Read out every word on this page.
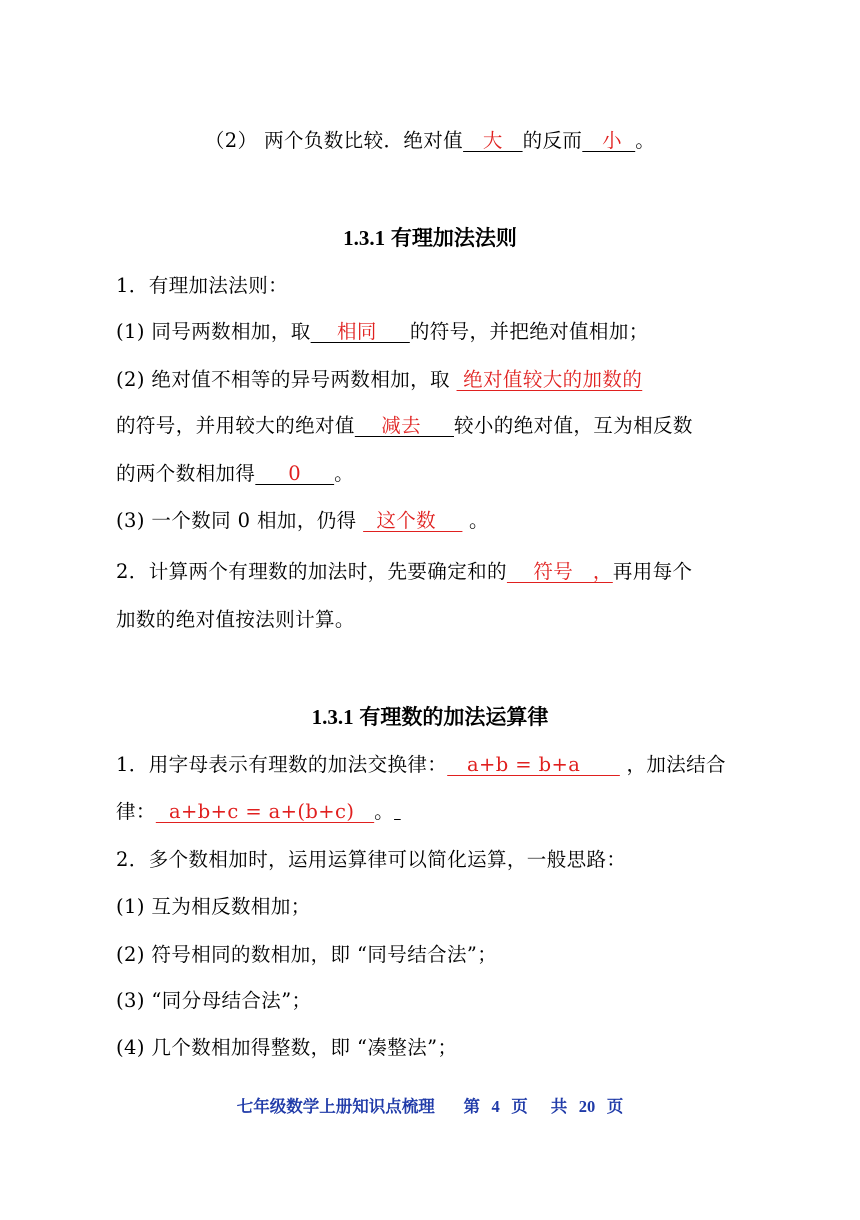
（2） 两个负数比较．绝对值   大   的反而   小  。
1.3.1 有理加法法则
1．有理加法法则：
(1) 同号两数相加，取    相同     的符号，并把绝对值相加；
(2) 绝对值不相等的异号两数相加，取  绝对值较大的加数的
的符号，并用较大的绝对值    减去     较小的绝对值，互为相反数
的两个数相加得     0     。
(3) 一个数同 0 相加，仍得   这个数     。
2．计算两个有理数的加法时，先要确定和的    符号   ，再用每个
加数的绝对值按法则计算。
1.3.1 有理数的加法运算律
1．用字母表示有理数的加法交换律：   a+b = b+a       ，加法结合
律：  a+b+c = a+(b+c)   。
2．多个数相加时，运用运算律可以简化运算，一般思路：
(1) 互为相反数相加；
(2) 符号相同的数相加，即 “同号结合法”；
(3) “同分母结合法”；
(4) 几个数相加得整数，即 “凑整法”；
七年级数学上册知识点梳理     第  4  页    共  20  页
